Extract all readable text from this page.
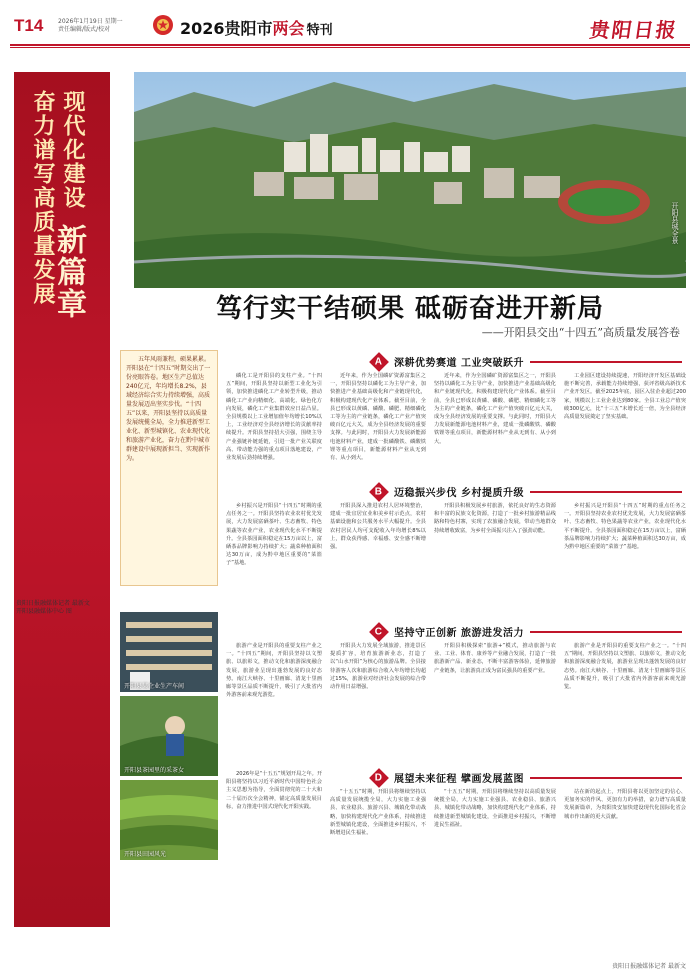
T14 2026年1月19日 星期一
责任编辑/版式/校对	2026贵阳市 两会 特刊	贵阳日报
奋力谱写高质量发展 现代化建设
新篇章
开阳县城全景
笃行实干结硕果 砥砺奋进开新局
——开阳县交出“十四五”高质量发展答卷

五年风雨兼程，硕果累累。开阳县在“十四五”时期交出了一份亮眼答卷。地区生产总值达240亿元，年均增长8.2%，县域经济综合实力持续增强，高质量发展迈出坚实步伐。“十四五”以来，开阳县坚持以高质量发展统揽全局，全力推进新型工业化、新型城镇化、农业现代化和旅游产业化，奋力在黔中城市群建设中展现新担当、实现新作为。

贵阳日报融媒体记者 最新文
开阳县融媒体中心 图
开阳县某企业生产车间
开阳县茶园里的采茶女
开阳县田园风光
A 深耕优势赛道 工业突破跃升

磷化工是开阳县的支柱产业。“十四五”期间，开阳县坚持以新型工业化为引领，加快推进磷化工产业转型升级，推动磷化工产业向精细化、高端化、绿色化方向发展，磷化工产业集群效应日益凸显。全县规模以上工业增加值年均增长10%以上，工业经济对全县经济增长的贡献率持续提升。开阳县坚持招大引强，围绕主导产业强链补链延链，引进一批产业关联度高、带动能力强的重点项目落地建设，产业发展后劲持续增强。

近年来，作为全国磷矿资源富集区之一，开阳县坚持以磷化工为主导产业，加快推进产业基础高级化和产业链现代化，积极构建现代化产业体系。截至目前，全县已形成以黄磷、磷酸、磷肥、精细磷化工等为主的产业链条，磷化工产业产值突破百亿元大关，成为全县经济发展的重要支撑。与此同时，开阳县大力发展新能源电池材料产业，建成一批磷酸铁、磷酸铁锂等重点项目，新能源材料产业从无到有、从小到大。

近年来，作为全国磷矿资源富集区之一，开阳县坚持以磷化工为主导产业，加快推进产业基础高级化和产业链现代化，积极构建现代化产业体系。截至目前，全县已形成以黄磷、磷酸、磷肥、精细磷化工等为主的产业链条，磷化工产业产值突破百亿元大关，成为全县经济发展的重要支撑。与此同时，开阳县大力发展新能源电池材料产业，建成一批磷酸铁、磷酸铁锂等重点项目，新能源材料产业从无到有、从小到大。

工业园区建设持续提速，开阳经济开发区基础设施不断完善，承载能力持续增强，获评省级高新技术产业开发区。截至2025年底，园区入驻企业超过200家，规模以上工业企业达到80家。全县工业总产值突破300亿元，比“十三五”末增长近一倍，为全县经济高质量发展奠定了坚实基础。

B 迈稳振兴步伐 乡村提质升级

乡村振兴是开阳县“十四五”时期的重点任务之一。开阳县坚持农业农村优先发展，大力发展富硒茶叶、生态畜牧、特色果蔬等农业产业，农业现代化水平不断提升。全县茶园面积稳定在15万亩以上，富硒茶品牌影响力持续扩大；蔬菜种植面积达30万亩，成为黔中地区重要的“菜篮子”基地。

开阳县深入推进农村人居环境整治，建成一批宜居宜业和美乡村示范点，农村基础设施和公共服务水平大幅提升。全县农村居民人均可支配收入年均增长8%以上，群众获得感、幸福感、安全感不断增强。

开阳县积极发展乡村旅游，依托良好的生态资源和丰富的民族文化资源，打造了一批乡村旅游精品线路和特色村寨，实现了农旅融合发展，带动当地群众持续增收致富，为乡村全面振兴注入了强劲动能。

乡村振兴是开阳县“十四五”时期的重点任务之一。开阳县坚持农业农村优先发展，大力发展富硒茶叶、生态畜牧、特色果蔬等农业产业，农业现代化水平不断提升。全县茶园面积稳定在15万亩以上，富硒茶品牌影响力持续扩大；蔬菜种植面积达30万亩，成为黔中地区重要的“菜篮子”基地。

C 坚持守正创新 旅游进发活力

旅游产业是开阳县的重要支柱产业之一。“十四五”期间，开阳县坚持以文塑旅、以旅彰文，推动文化和旅游深度融合发展，旅游业呈现出蓬勃发展的良好态势。南江大峡谷、十里画廊、清龙十里画廊等景区品质不断提升，吸引了大批省内外游客前来观光游览。

开阳县大力发展全域旅游，推进景区提质扩容，培育旅游新业态，打造了以“山水开阳”为核心的旅游品牌。全县接待游客人次和旅游综合收入年均增长均超过15%，旅游业对经济社会发展的综合带动作用日益增强。

开阳县积极探索“旅游+”模式，推动旅游与农业、工业、体育、康养等产业融合发展，打造了一批旅游新产品、新业态，不断丰富游客体验，延伸旅游产业链条，让旅游真正成为富民强县的重要产业。

旅游产业是开阳县的重要支柱产业之一。“十四五”期间，开阳县坚持以文塑旅、以旅彰文，推动文化和旅游深度融合发展，旅游业呈现出蓬勃发展的良好态势。南江大峡谷、十里画廊、清龙十里画廊等景区品质不断提升，吸引了大批省内外游客前来观光游览。

D 展望未来征程 擘画发展蓝图

2026年是“十五五”规划开局之年。开阳县将坚持以习近平新时代中国特色社会主义思想为指导，全面贯彻党的二十大和二十届历次全会精神，锚定高质量发展目标，奋力推进中国式现代化开阳实践。

“十五五”时期，开阳县将继续坚持以高质量发展统揽全局，大力实施工业强县、农业稳县、旅游兴县、城镇化带动战略，加快构建现代化产业体系，持续推进新型城镇化建设，全面推进乡村振兴，不断增进民生福祉。

“十五五”时期，开阳县将继续坚持以高质量发展统揽全局，大力实施工业强县、农业稳县、旅游兴县、城镇化带动战略，加快构建现代化产业体系，持续推进新型城镇化建设，全面推进乡村振兴，不断增进民生福祉。

站在新的起点上，开阳县将以更加坚定的信心、更加务实的作风、更加有力的举措，奋力谱写高质量发展新篇章，为贵阳贵安加快建设现代化国际化省会城市作出新的更大贡献。

贵阳日报融媒体记者 最新文
